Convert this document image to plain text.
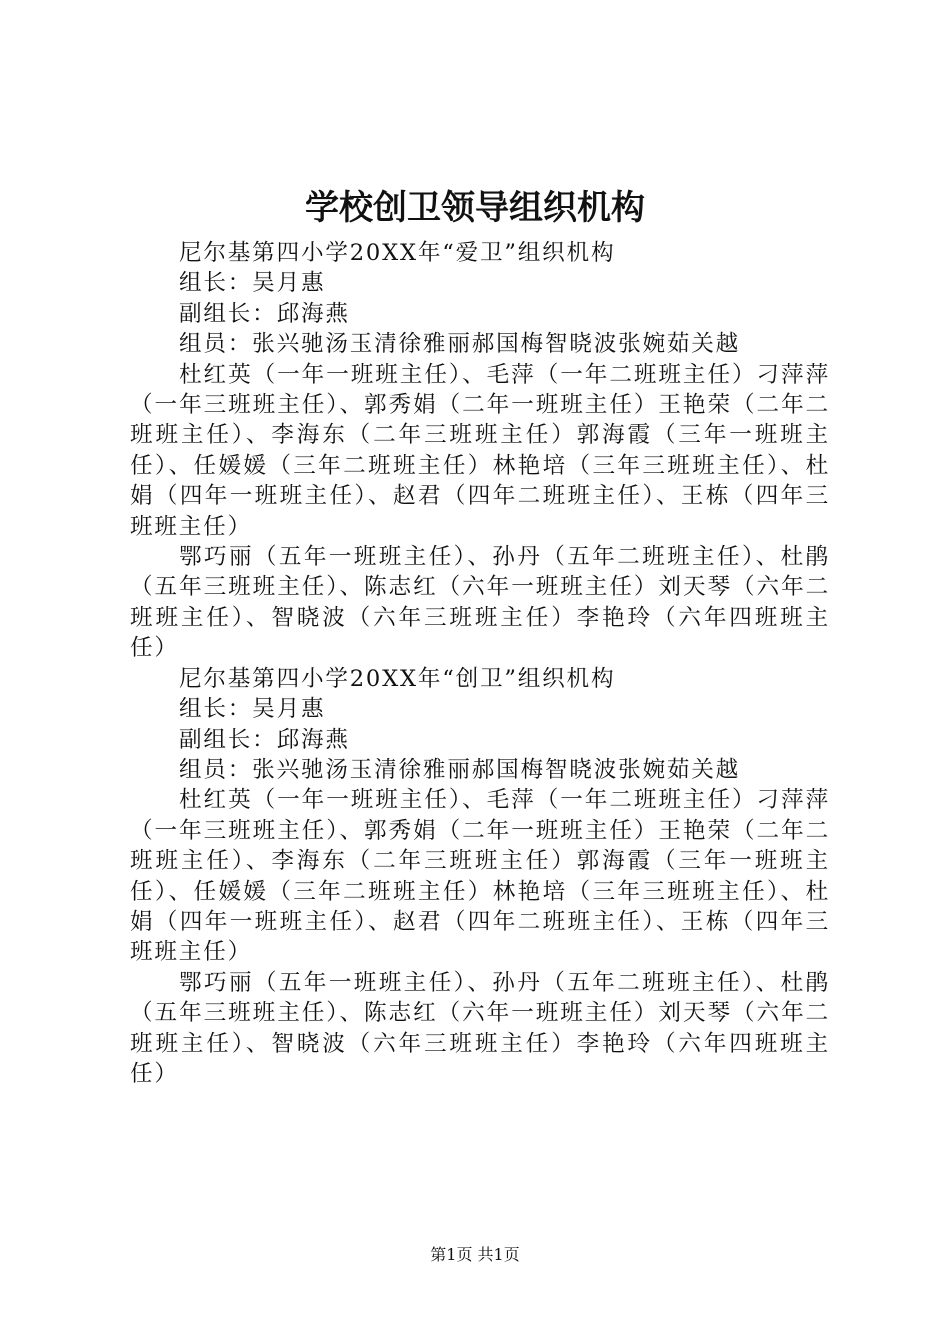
学校创卫领导组织机构

尼尔基第四小学20XX年“爱卫”组织机构

组长：吴月惠

副组长：邱海燕

组员：张兴驰汤玉清徐雅丽郝国梅智晓波张婉茹关越

杜红英（一年一班班主任）、毛萍（一年二班班主任）刁萍萍（一年三班班主任）、郭秀娟（二年一班班主任）王艳荣（二年二班班主任）、李海东（二年三班班主任）郭海霞（三年一班班主任）、任媛媛（三年二班班主任）林艳培（三年三班班主任）、杜娟（四年一班班主任）、赵君（四年二班班主任）、王栋（四年三班班主任）

鄂巧丽（五年一班班主任）、孙丹（五年二班班主任）、杜鹃（五年三班班主任）、陈志红（六年一班班主任）刘天琴（六年二班班主任）、智晓波（六年三班班主任）李艳玲（六年四班班主任）

尼尔基第四小学20XX年“创卫”组织机构

组长：吴月惠

副组长：邱海燕

组员：张兴驰汤玉清徐雅丽郝国梅智晓波张婉茹关越

杜红英（一年一班班主任）、毛萍（一年二班班主任）刁萍萍（一年三班班主任）、郭秀娟（二年一班班主任）王艳荣（二年二班班主任）、李海东（二年三班班主任）郭海霞（三年一班班主任）、任媛媛（三年二班班主任）林艳培（三年三班班主任）、杜娟（四年一班班主任）、赵君（四年二班班主任）、王栋（四年三班班主任）

鄂巧丽（五年一班班主任）、孙丹（五年二班班主任）、杜鹃（五年三班班主任）、陈志红（六年一班班主任）刘天琴（六年二班班主任）、智晓波（六年三班班主任）李艳玲（六年四班班主任）

第1页 共1页
